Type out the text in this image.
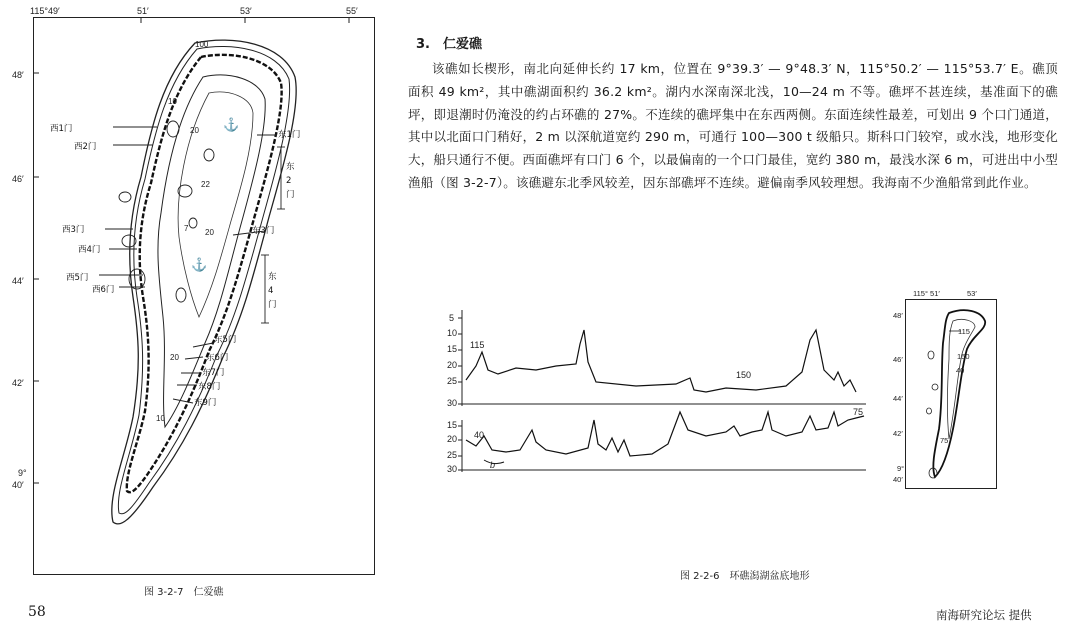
115°49′	51′	53′	55′
48′
46′
44′
42′
9°
40′
⚓
⚓
东1门
东2门
东3门
东4门
东5门
东6门
东7门
东8门
东9门
西1门
西2门
西3门
西4门
西5门
西6门
100
10
20
22
7 20
20
10
图 3-2-7　仁爱礁

3.　仁爱礁

该礁如长楔形，南北向延伸长约 17 km，位置在 9°39.3′ — 9°48.3′ N，115°50.2′ — 115°53.7′ E。礁顶面积 49 km²，其中礁湖面积约 36.2 km²。湖内水深南深北浅，10—24 m 不等。礁坪不甚连续，基准面下的礁坪，即退潮时仍淹没的约占环礁的 27%。不连续的礁坪集中在东西两侧。东面连续性最差，可划出 9 个口门通道，其中以北面口门稍好，2 m 以深航道宽约 290 m，可通行 100—300 t 级船只。斯科口门较窄，或水浅，地形变化大，船只通行不便。西面礁坪有口门 6 个，以最偏南的一个口门最佳，宽约 380 m，最浅水深 6 m，可进出中小型渔船（图 3-2-7）。该礁避东北季风较差，因东部礁坪不连续。避偏南季风较理想。我海南不少渔船常到此作业。

5
10
15
20
25
30
15
20
25
30
115
150
75
40
b
115° 51′	53′
48′
46′
44′
42′
9°
40′
115
150
40
75
图 2-2-6　环礁潟湖盆底地形
58	南海研究论坛 提供
